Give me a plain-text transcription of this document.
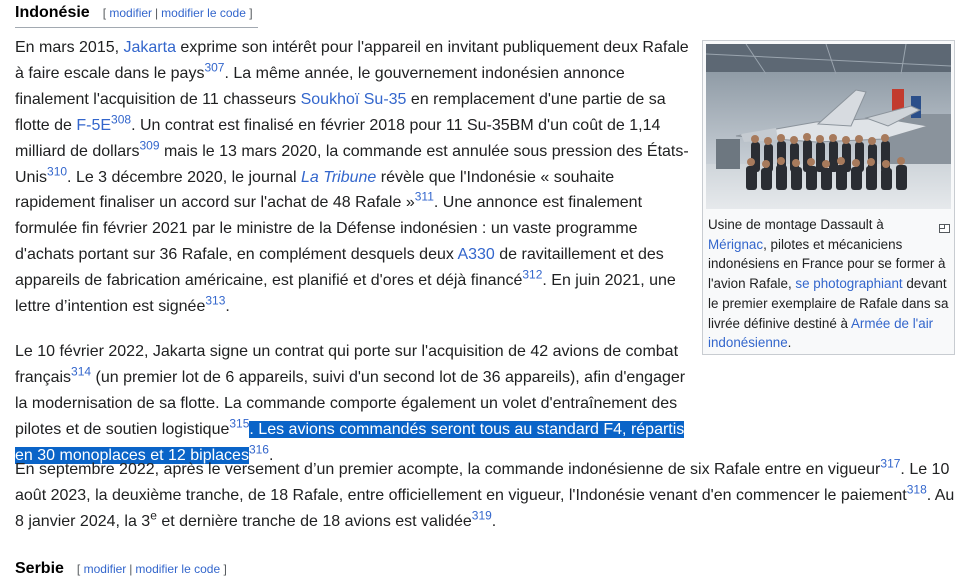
Indonésie [ modifier | modifier le code ]
Usine de montage Dassault à Mérignac, pilotes et mécaniciens indonésiens en France pour se former à l'avion Rafale, se photographiant devant le premier exemplaire de Rafale dans sa livrée définive destiné à Armée de l'air indonésienne.

En mars 2015, Jakarta exprime son intérêt pour l'appareil en invitant publiquement deux Rafale à faire escale dans le pays$^{307}$. La même année, le gouvernement indonésien annonce finalement l'acquisition de 11 chasseurs Soukhoï Su-35 en remplacement d'une partie de sa flotte de F-5E$^{308}$. Un contrat est finalisé en février 2018 pour 11 Su-35BM d'un coût de 1,14 milliard de dollars$^{309}$ mais le 13 mars 2020, la commande est annulée sous pression des États-Unis$^{310}$. Le 3 décembre 2020, le journal La Tribune révèle que l'Indonésie « souhaite rapidement finaliser un accord sur l'achat de 48 Rafale »$^{311}$. Une annonce est finalement formulée fin février 2021 par le ministre de la Défense indonésien : un vaste programme d'achats portant sur 36 Rafale, en complément desquels deux A330 de ravitaillement et des appareils de fabrication américaine, est planifié et d'ores et déjà financé$^{312}$. En juin 2021, une lettre d’intention est signée$^{313}$.

Le 10 février 2022, Jakarta signe un contrat qui porte sur l'acquisition de 42 avions de combat français$^{314}$ (un premier lot de 6 appareils, suivi d'un second lot de 36 appareils), afin d'engager la modernisation de sa flotte. La commande comporte également un volet d'entraînement des pilotes et de soutien logistique$^{315}$. Les avions commandés seront tous au standard F4, répartis en 30 monoplaces et 12 biplaces$^{316}$.

En septembre 2022, après le versement d’un premier acompte, la commande indonésienne de six Rafale entre en vigueur$^{317}$. Le 10 août 2023, la deuxième tranche, de 18 Rafale, entre officiellement en vigueur, l'Indonésie venant d'en commencer le paiement$^{318}$. Au 8 janvier 2024, la 3e et dernière tranche de 18 avions est validée$^{319}$.

Serbie [ modifier | modifier le code ]
